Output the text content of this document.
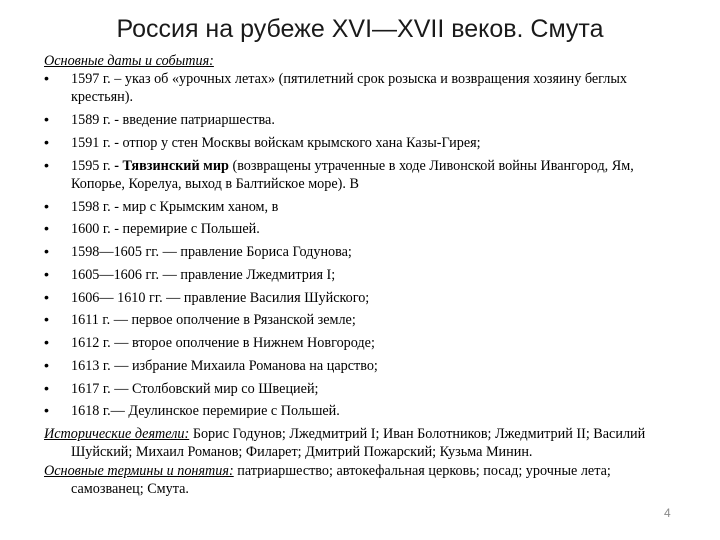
Россия на рубеже XVI—XVII веков. Смута

Основные даты и события:

• 1597 г. – указ об «урочных летах» (пятилетний срок розыска и возвращения хозяину беглых крестьян).
• 1589 г. - введение патриаршества.
• 1591 г. - отпор у стен Москвы войскам крымского хана Казы-Гирея;
• 1595 г. - Тявзинский мир (возвращены утраченные в ходе Ливонской войны Ивангород, Ям, Копорье, Корелуа, выход в Балтийское море). В
• 1598 г. - мир с Крымским ханом, в
• 1600 г. - перемирие с Польшей.
• 1598—1605 гг. — правление Бориса Годунова;
• 1605—1606 гг. — правление Лжедмитрия I;
• 1606— 1610 гг. — правление Василия Шуйского;
• 1611 г. — первое ополчение в Рязанской земле;
• 1612 г. — второе ополчение в Нижнем Новгороде;
• 1613 г. — избрание Михаила Романова на царство;
• 1617 г. — Столбовский мир со Швецией;
• 1618 г.— Деулинское перемирие с Польшей.

Исторические деятели: Борис Годунов; Лжедмитрий I; Иван Болотников; Лжедмитрий II; Василий Шуйский; Михаил Романов; Филарет; Дмитрий Пожарский; Кузьма Минин.

Основные термины и понятия: патриаршество; автокефальная церковь; посад; урочные лета; самозванец; Смута.

4
